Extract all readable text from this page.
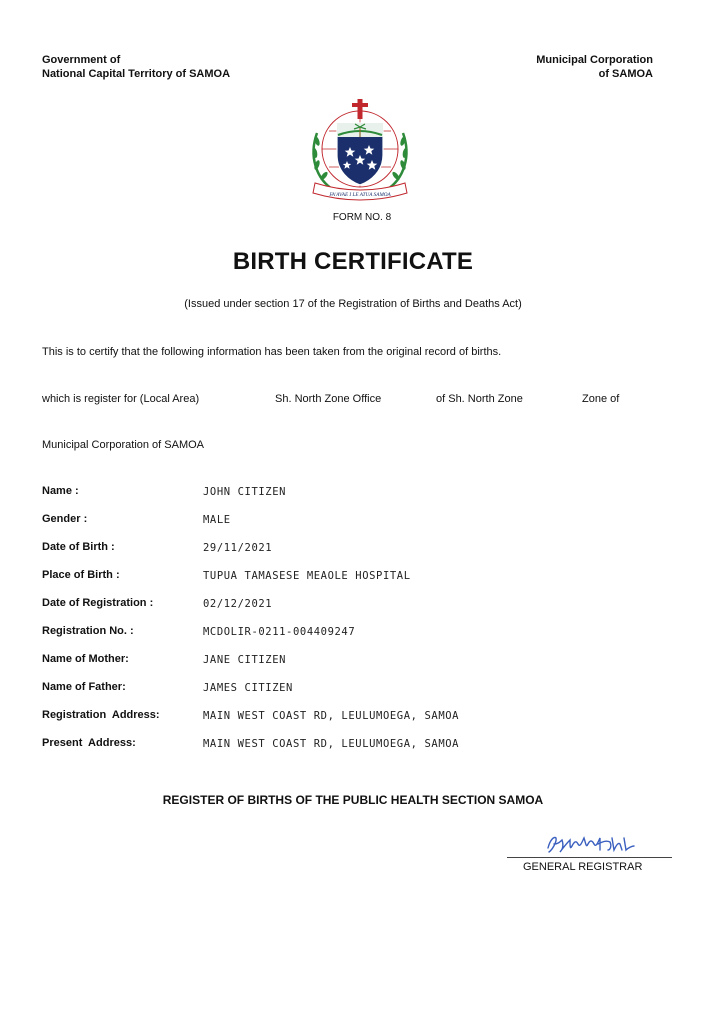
Government of
National Capital Territory of SAMOA
Municipal Corporation
of SAMOA
FA'AVAE I LE ATUA SAMOA
FORM NO. 8
BIRTH CERTIFICATE
(Issued under section 17 of the Registration of Births and Deaths Act)
This is to certify that the following information has been taken from the original record of births.
which is register for (Local Area)	Sh. North Zone Office	of Sh. North Zone	Zone of
Municipal Corporation of SAMOA
Name :	JOHN CITIZEN
Gender :	MALE
Date of Birth :	29/11/2021
Place of Birth :	TUPUA TAMASESE MEAOLE HOSPITAL
Date of Registration :	02/12/2021
Registration No. :	MCDOLIR-0211-004409247
Name of Mother:	JANE CITIZEN
Name of Father:	JAMES CITIZEN
Registration  Address:	MAIN WEST COAST RD, LEULUMOEGA, SAMOA
Present  Address:	MAIN WEST COAST RD, LEULUMOEGA, SAMOA
REGISTER OF BIRTHS OF THE PUBLIC HEALTH SECTION SAMOA
GENERAL REGISTRAR
